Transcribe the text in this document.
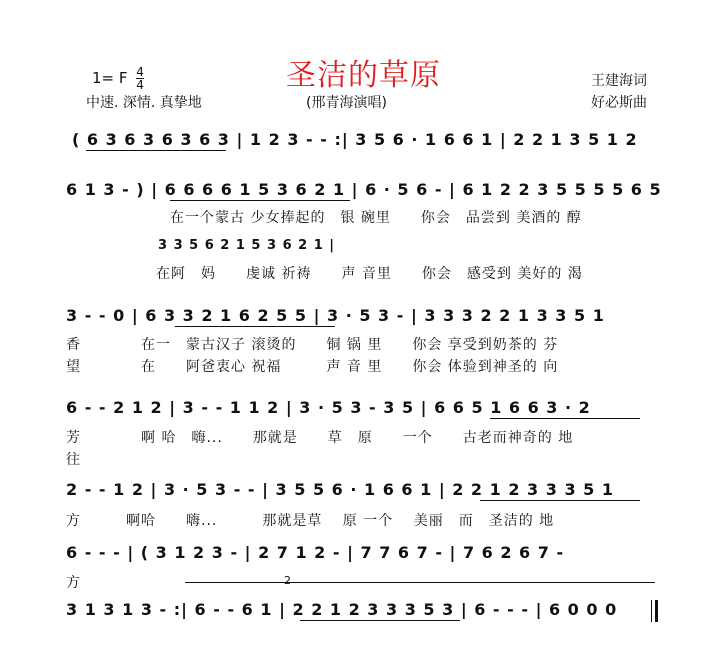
1= F $\frac{4}{4}$	圣洁的草原
中速. 深情. 真挚地	(邢青海演唱)
王建海词
好必斯曲
( 6 3 6 3 6 3 6 3 | 1 2 3 - - :| 3 5 6 · 1 6 6 1 | 2 2 1 3 5 1 2
6 1 3 - ) | 6 6 6 6 1 5 3 6 2 1 | 6 · 5 6 - | 6 1 2 2 3 5 5 5 5 6 5
在一个蒙古 少女捧起的　银 碗里　　你会　品尝到 美酒的 醇
3 3 5 6 2 1 5 3 6 2 1 |
在阿　妈　　虔诚 祈祷　　声 音里　　你会　感受到 美好的 渴
3 - - 0 | 6 3 3 2 1 6 2 5 5 | 3 · 5 3 - | 3 3 3 2 2 1 3 3 5 1
香　　　　在一　蒙古汉子 滚烫的　　铜 锅 里　　你会 享受到奶茶的 芬
望　　　　在　　阿爸衷心 祝福　　　声 音 里　　你会 体验到神圣的 向
6 - - 2 1 2 | 3 - - 1 1 2 | 3 · 5 3 - 3 5 | 6 6 5 1 6 6 3 · 2
芳　　　　啊 哈　嗨...　　那就是　　草　原　　一个　　古老而神奇的 地
往
2 - - 1 2 | 3 · 5 3 - - | 3 5 5 6 · 1 6 6 1 | 2 2 1 2 3 3 3 5 1
方　　　啊哈　　嗨...　　　那就是草　 原 一个　 美丽　而　圣洁的 地
6 - - - | ( 3 1 2 3 - | 2 7 1 2 - | 7 7 6 7 - | 7 6 2 6 7 -
方	2
3 1 3 1 3 - :| 6 - - 6 1 | 2 2 1 2 3 3 3 5 3 | 6 - - - | 6 0 0 0
